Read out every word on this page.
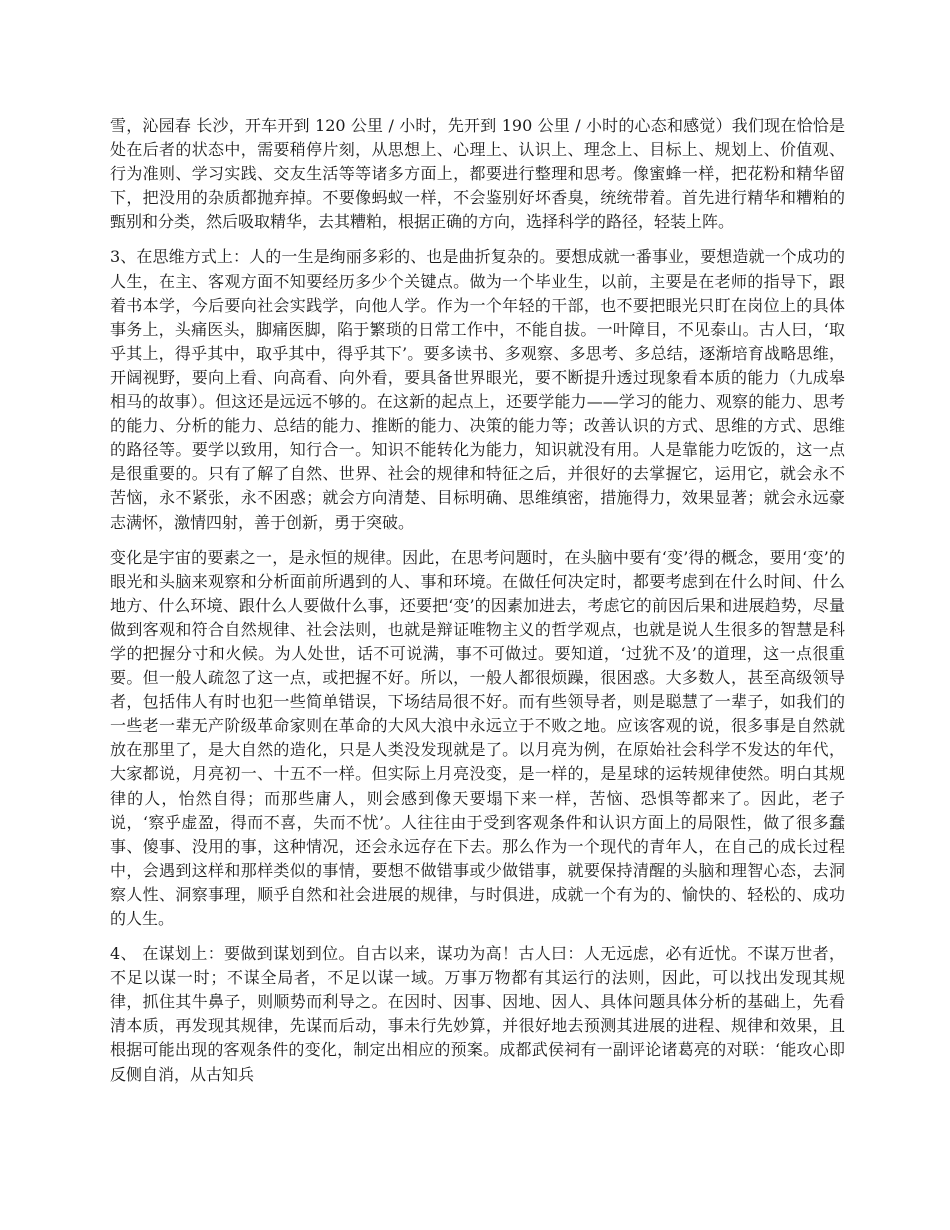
雪，沁园春 长沙，开车开到 120 公里 / 小时，先开到 190 公里 / 小时的心态和感觉）我们现在恰恰是处在后者的状态中，需要稍停片刻，从思想上、心理上、认识上、理念上、目标上、规划上、价值观、行为准则、学习实践、交友生活等等诸多方面上，都要进行整理和思考。像蜜蜂一样，把花粉和精华留下，把没用的杂质都抛弃掉。不要像蚂蚁一样，不会鉴别好坏香臭，统统带着。首先进行精华和糟粕的甄别和分类，然后吸取精华，去其糟粕，根据正确的方向，选择科学的路径，轻装上阵。

3、在思维方式上：人的一生是绚丽多彩的、也是曲折复杂的。要想成就一番事业，要想造就一个成功的人生，在主、客观方面不知要经历多少个关键点。做为一个毕业生，以前，主要是在老师的指导下，跟着书本学，今后要向社会实践学，向他人学。作为一个年轻的干部，也不要把眼光只盯在岗位上的具体事务上，头痛医头，脚痛医脚，陷于繁琐的日常工作中，不能自拔。一叶障目，不见泰山。古人曰，‘取乎其上，得乎其中，取乎其中，得乎其下’。要多读书、多观察、多思考、多总结，逐渐培育战略思维，开阔视野，要向上看、向高看、向外看，要具备世界眼光，要不断提升透过现象看本质的能力（九成皋相马的故事）。但这还是远远不够的。在这新的起点上，还要学能力——学习的能力、观察的能力、思考的能力、分析的能力、总结的能力、推断的能力、决策的能力等；改善认识的方式、思维的方式、思维的路径等。要学以致用，知行合一。知识不能转化为能力，知识就没有用。人是靠能力吃饭的，这一点是很重要的。只有了解了自然、世界、社会的规律和特征之后，并很好的去掌握它，运用它，就会永不苦恼，永不紧张，永不困惑；就会方向清楚、目标明确、思维缜密，措施得力，效果显著；就会永远豪志满怀，激情四射，善于创新，勇于突破。

变化是宇宙的要素之一，是永恒的规律。因此，在思考问题时，在头脑中要有‘变’得的概念，要用‘变’的眼光和头脑来观察和分析面前所遇到的人、事和环境。在做任何决定时，都要考虑到在什么时间、什么地方、什么环境、跟什么人要做什么事，还要把‘变’的因素加进去，考虑它的前因后果和进展趋势，尽量做到客观和符合自然规律、社会法则，也就是辩证唯物主义的哲学观点，也就是说人生很多的智慧是科学的把握分寸和火候。为人处世，话不可说满，事不可做过。要知道，‘过犹不及’的道理，这一点很重要。但一般人疏忽了这一点，或把握不好。所以，一般人都很烦躁，很困惑。大多数人，甚至高级领导者，包括伟人有时也犯一些简单错误，下场结局很不好。而有些领导者，则是聪慧了一辈子，如我们的一些老一辈无产阶级革命家则在革命的大风大浪中永远立于不败之地。应该客观的说，很多事是自然就放在那里了，是大自然的造化，只是人类没发现就是了。以月亮为例，在原始社会科学不发达的年代，大家都说，月亮初一、十五不一样。但实际上月亮没变，是一样的，是星球的运转规律使然。明白其规律的人，怡然自得；而那些庸人，则会感到像天要塌下来一样，苦恼、恐惧等都来了。因此，老子说，‘察乎虚盈，得而不喜，失而不忧’。人往往由于受到客观条件和认识方面上的局限性，做了很多蠢事、傻事、没用的事，这种情况，还会永远存在下去。那么作为一个现代的青年人，在自己的成长过程中，会遇到这样和那样类似的事情，要想不做错事或少做错事，就要保持清醒的头脑和理智心态，去洞察人性、洞察事理，顺乎自然和社会进展的规律，与时俱进，成就一个有为的、愉快的、轻松的、成功的人生。

4、 在谋划上：要做到谋划到位。自古以来，谋功为高！古人曰：人无远虑，必有近忧。不谋万世者，不足以谋一时；不谋全局者，不足以谋一域。万事万物都有其运行的法则，因此，可以找出发现其规律，抓住其牛鼻子，则顺势而利导之。在因时、因事、因地、因人、具体问题具体分析的基础上，先看清本质，再发现其规律，先谋而后动，事未行先妙算，并很好地去预测其进展的进程、规律和效果，且根据可能出现的客观条件的变化，制定出相应的预案。成都武侯祠有一副评论诸葛亮的对联：‘能攻心即反侧自消，从古知兵
